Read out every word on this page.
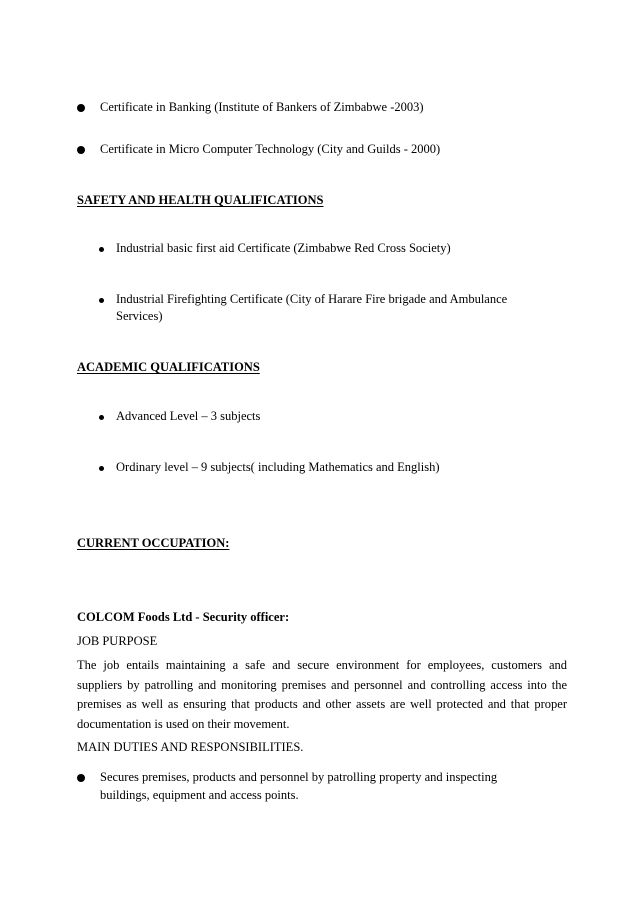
Certificate in Banking (Institute of Bankers of Zimbabwe -2003)
Certificate in Micro Computer Technology (City and Guilds - 2000)
SAFETY AND HEALTH QUALIFICATIONS
Industrial basic first aid Certificate (Zimbabwe Red Cross Society)
Industrial Firefighting Certificate (City of Harare Fire brigade and Ambulance
Services)
ACADEMIC QUALIFICATIONS
Advanced Level – 3 subjects
Ordinary level – 9 subjects( including Mathematics and English)
CURRENT OCCUPATION:
COLCOM Foods Ltd - Security officer:
JOB PURPOSE
The job entails maintaining a safe and secure environment for employees, customers and
suppliers by patrolling and monitoring premises and personnel and controlling access into the
premises as well as ensuring that products and other assets are well protected and that proper
documentation is used on their movement.
MAIN DUTIES AND RESPONSIBILITIES.
Secures premises, products and personnel by patrolling property and inspecting
buildings, equipment and access points.
